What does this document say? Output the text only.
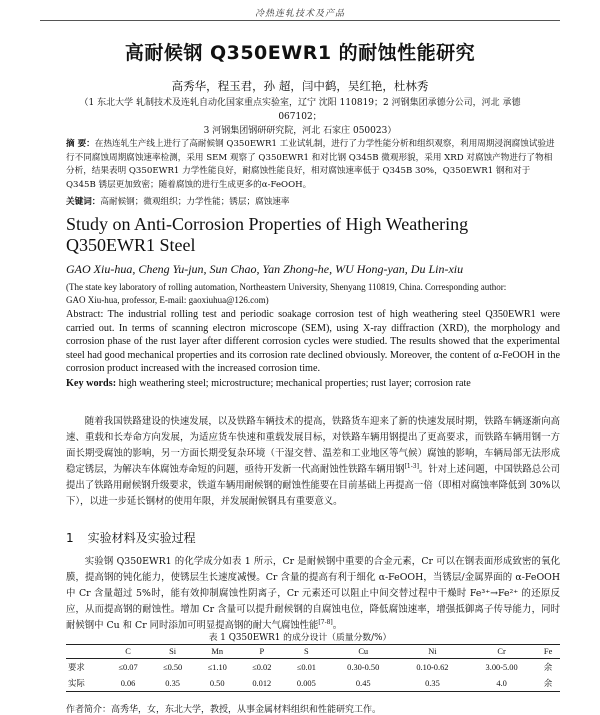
冷热连轧技术及产品
高耐候钢 Q350EWR1 的耐蚀性能研究
高秀华，程玉君，孙 超，闫中鹤，吴红艳，杜林秀
（1 东北大学 轧制技术及连轧自动化国家重点实验室，辽宁 沈阳 110819；2 河钢集团承德分公司，河北 承德 067102；
3 河钢集团钢研研究院，河北 石家庄 050023）
摘 要：在热连轧生产线上进行了高耐候钢 Q350EWR1 工业试轧制，进行了力学性能分析和组织观察，利用周期浸润腐蚀试验进行不同腐蚀周期腐蚀速率检测，采用 SEM 观察了 Q350EWR1 和对比钢 Q345B 微观形貌，采用 XRD 对腐蚀产物进行了物相分析，结果表明 Q350EWR1 力学性能良好，耐腐蚀性能良好，相对腐蚀速率低于 Q345B 30%，Q350EWR1 钢和对于 Q345B 锈层更加致密；随着腐蚀的进行生成更多的α-FeOOH。
关键词：高耐候钢；微观组织；力学性能；锈层；腐蚀速率
Study on Anti-Corrosion Properties of High Weathering Q350EWR1 Steel
GAO Xiu-hua, Cheng Yu-jun, Sun Chao, Yan Zhong-he, WU Hong-yan, Du Lin-xiu
(The state key laboratory of rolling automation, Northeastern University, Shenyang 110819, China. Corresponding author:
GAO Xiu-hua, professor, E-mail: gaoxiuhua@126.com)
Abstract: The industrial rolling test and periodic soakage corrosion test of high weathering steel Q350EWR1 were carried out. In terms of scanning electron microscope (SEM), using X-ray diffraction (XRD), the morphology and corrosion phase of the rust layer after different corrosion cycles were studied. The results showed that the experimental steel had good mechanical properties and its corrosion rate declined obviously. Moreover, the content of α-FeOOH in the corrosion product increased with the increased corrosion time.
Key words: high weathering steel; microstructure; mechanical properties; rust layer; corrosion rate
随着我国铁路建设的快速发展，以及铁路车辆技术的提高，铁路货车迎来了新的快速发展时期，铁路车辆逐渐向高速、重载和长寿命方向发展，为适应货车快速和重载发展目标，对铁路车辆用钢提出了更高要求，而铁路车辆用钢一方面长期受腐蚀的影响，另一方面长期受复杂环境（干湿交替、温差和工业地区等气候）腐蚀的影响，车辆局部无法形成稳定锈层，为解决车体腐蚀寿命短的问题，亟待开发新一代高耐蚀性铁路车辆用钢[1-3]。针对上述问题，中国铁路总公司提出了铁路用耐候钢升级要求，铁道车辆用耐候钢的耐蚀性能要在目前基础上再提高一倍（即相对腐蚀率降低到 30%以下），以进一步延长钢材的使用年限，并发展耐候钢具有重要意义。
1 实验材料及实验过程
实验钢 Q350EWR1 的化学成分如表 1 所示，Cr 是耐候钢中重要的合金元素，Cr 可以在钢表面形成致密的氧化膜，提高钢的钝化能力，使锈层生长速度减慢。Cr 含量的提高有利于细化 α-FeOOH，当锈层/金属界面的 α-FeOOH 中 Cr 含量超过 5%时，能有效抑制腐蚀性阴离子，Cr 元素还可以阻止中间交替过程中干燥时 Fe³⁺→Fe²⁺ 的还原反应，从而提高钢的耐蚀性。增加 Cr 含量可以提升耐候钢的自腐蚀电位，降低腐蚀速率，增强抵御离子传导能力，同时耐候钢中 Cu 和 Cr 同时添加可明显提高钢的耐大气腐蚀性能[7-8]。
表 1 Q350EWR1 的成分设计（质量分数/%）
	C	Si	Mn	P	S	Cu	Ni	Cr	Fe
要求	≤0.07	≤0.50	≤1.10	≤0.02	≤0.01	0.30-0.50	0.10-0.62	3.00-5.00	余
实际	0.06	0.35	0.50	0.012	0.005	0.45	0.35	4.0	余
作者简介：高秀华，女，东北大学，教授，从事金属材料组织和性能研究工作。
